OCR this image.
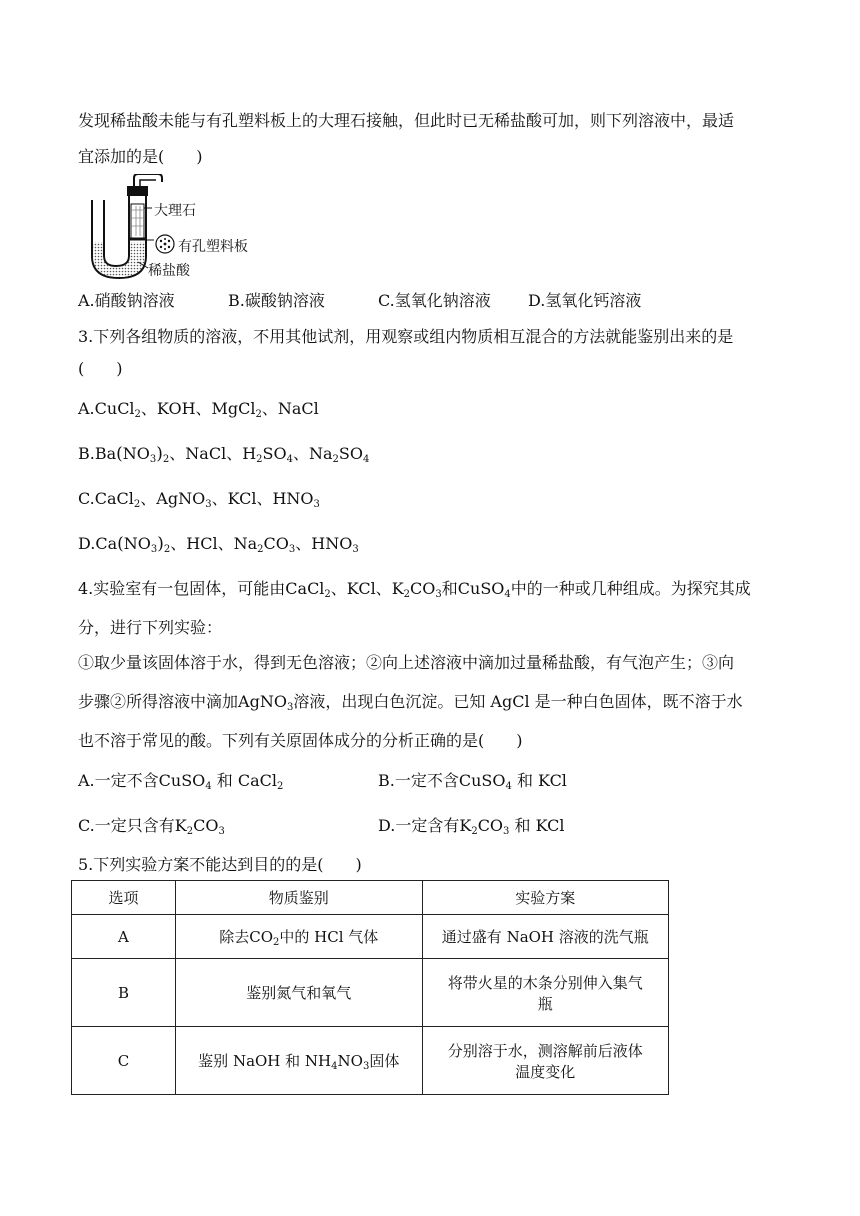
发现稀盐酸未能与有孔塑料板上的大理石接触，但此时已无稀盐酸可加，则下列溶液中，最适
宜添加的是(　　)
大理石
有孔塑料板
稀盐酸
A.硝酸钠溶液	B.碳酸钠溶液	C.氢氧化钠溶液 D.氢氧化钙溶液
3.下列各组物质的溶液，不用其他试剂，用观察或组内物质相互混合的方法就能鉴别出来的是
(　　)
A.CuCl$_2$、KOH、MgCl$_2$、NaCl
$B.Ba(NO_3)_2$、NaCl、$H_2SO_4$、$Na_2SO_4$
C.CaCl$_2$、AgNO$_3$、KCl、$HNO_3$
$D.Ca(NO_3)_2$、HCl、$Na_2CO_3$、$HNO_3$
4.实验室有一包固体，可能由CaCl$_2$、KCl、$K_2CO_3$和CuSO$_4$中的一种或几种组成。为探究其成
分，进行下列实验：
①取少量该固体溶于水，得到无色溶液；②向上述溶液中滴加过量稀盐酸，有气泡产生；③向
步骤②所得溶液中滴加AgNO$_3$溶液，出现白色沉淀。已知 AgCl 是一种白色固体，既不溶于水
也不溶于常见的酸。下列有关原固体成分的分析正确的是(　　)
A.一定不含CuSO$_4$ 和 CaCl$_2$	B.一定不含CuSO$_4$ 和 KCl
C.一定只含有$K_2CO_3$	D.一定含有$K_2CO_3$ 和 KCl
5.下列实验方案不能达到目的的是(　　)
选项	物质鉴别	实验方案
A	除去$CO_2$中的 HCl 气体	通过盛有 NaOH 溶液的洗气瓶
B	鉴别氮气和氧气	将带火星的木条分别伸入集气
瓶
C	鉴别 NaOH 和 $NH_4NO_3$固体	分别溶于水，测溶解前后液体
温度变化
